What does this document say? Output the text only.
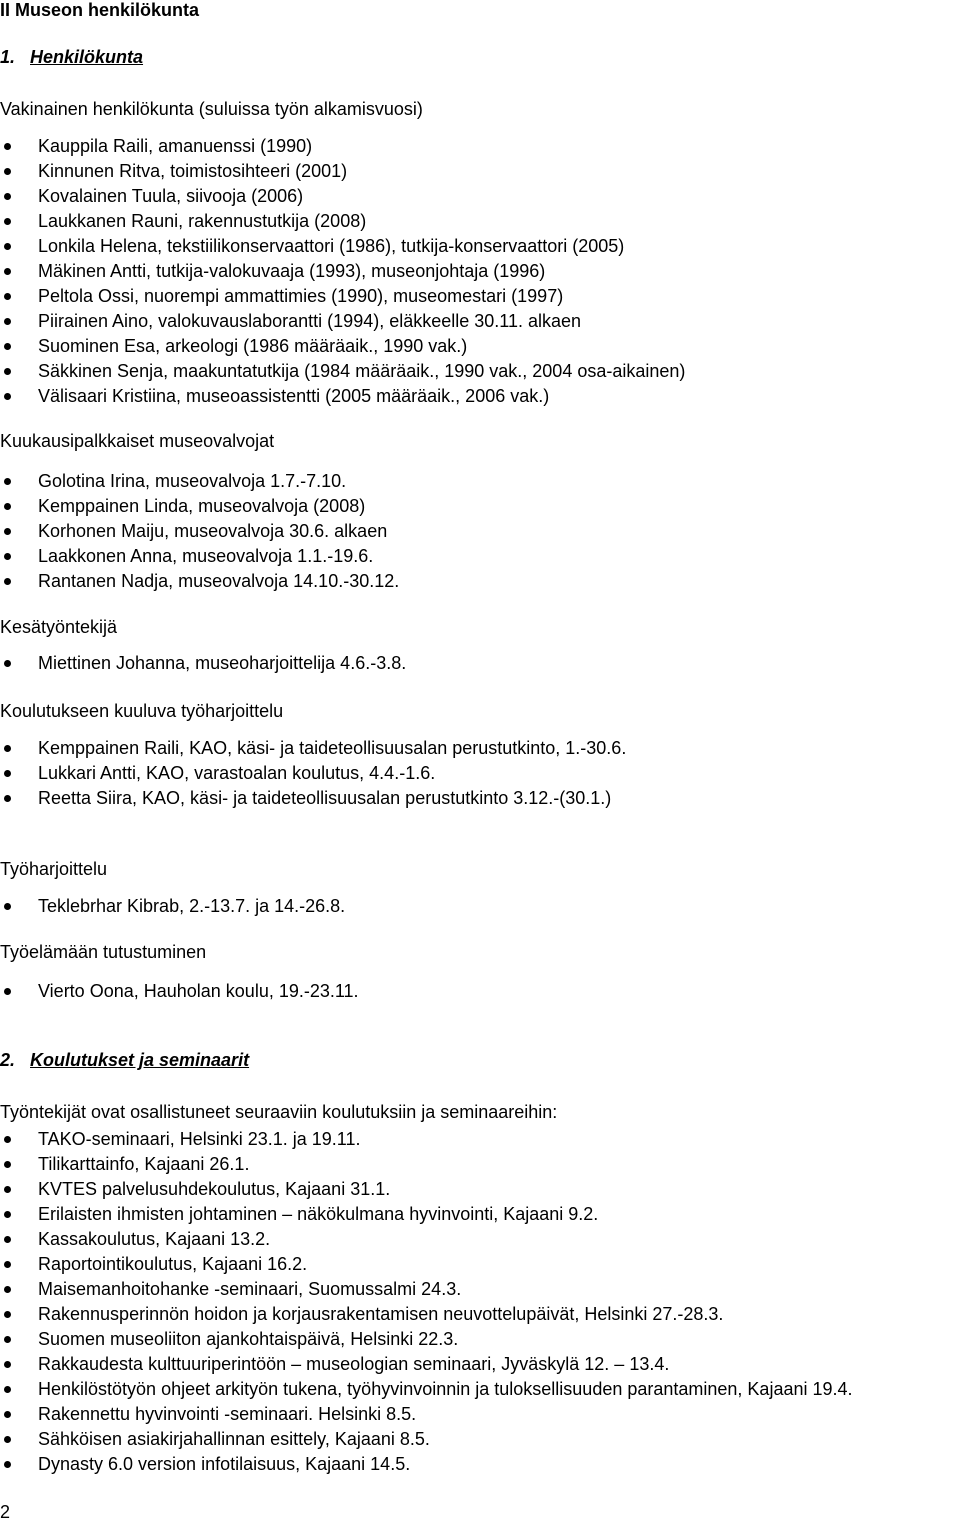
II Museon henkilökunta
1. Henkilökunta
Vakinainen henkilökunta (suluissa työn alkamisvuosi)
Kauppila Raili, amanuenssi (1990)
Kinnunen Ritva, toimistosihteeri (2001)
Kovalainen Tuula, siivooja (2006)
Laukkanen Rauni, rakennustutkija (2008)
Lonkila Helena, tekstiilikonservaattori (1986), tutkija-konservaattori (2005)
Mäkinen Antti, tutkija-valokuvaaja (1993), museonjohtaja (1996)
Peltola Ossi, nuorempi ammattimies (1990), museomestari (1997)
Piirainen Aino, valokuvauslaborantti (1994), eläkkeelle 30.11. alkaen
Suominen Esa, arkeologi (1986 määräaik., 1990 vak.)
Säkkinen Senja, maakuntatutkija (1984 määräaik., 1990 vak., 2004 osa-aikainen)
Välisaari Kristiina, museoassistentti (2005 määräaik., 2006 vak.)
Kuukausipalkkaiset museovalvojat
Golotina Irina, museovalvoja 1.7.-7.10.
Kemppainen Linda, museovalvoja (2008)
Korhonen Maiju, museovalvoja 30.6. alkaen
Laakkonen Anna, museovalvoja 1.1.-19.6.
Rantanen Nadja, museovalvoja 14.10.-30.12.
Kesätyöntekijä
Miettinen Johanna, museoharjoittelija 4.6.-3.8.
Koulutukseen kuuluva työharjoittelu
Kemppainen Raili, KAO, käsi- ja taideteollisuusalan perustutkinto, 1.-30.6.
Lukkari Antti, KAO, varastoalan koulutus, 4.4.-1.6.
Reetta Siira, KAO, käsi- ja taideteollisuusalan perustutkinto 3.12.-(30.1.)
Työharjoittelu
Teklebrhar Kibrab, 2.-13.7. ja 14.-26.8.
Työelämään tutustuminen
Vierto Oona, Hauholan koulu, 19.-23.11.
2. Koulutukset ja seminaarit
Työntekijät ovat osallistuneet seuraaviin koulutuksiin ja seminaareihin:
TAKO-seminaari, Helsinki 23.1. ja 19.11.
Tilikarttainfo, Kajaani 26.1.
KVTES palvelusuhdekoulutus, Kajaani 31.1.
Erilaisten ihmisten johtaminen – näkökulmana hyvinvointi, Kajaani 9.2.
Kassakoulutus, Kajaani 13.2.
Raportointikoulutus, Kajaani 16.2.
Maisemanhoitohanke -seminaari, Suomussalmi 24.3.
Rakennusperinnön hoidon ja korjausrakentamisen neuvottelupäivät, Helsinki 27.-28.3.
Suomen museoliiton ajankohtaispäivä, Helsinki 22.3.
Rakkaudesta kulttuuriperintöön – museologian seminaari, Jyväskylä 12. – 13.4.
Henkilöstötyön ohjeet arkityön tukena, työhyvinvoinnin ja tuloksellisuuden parantaminen, Kajaani 19.4.
Rakennettu hyvinvointi -seminaari. Helsinki 8.5.
Sähköisen asiakirjahallinnan esittely, Kajaani 8.5.
Dynasty 6.0 version infotilaisuus, Kajaani 14.5.
2
